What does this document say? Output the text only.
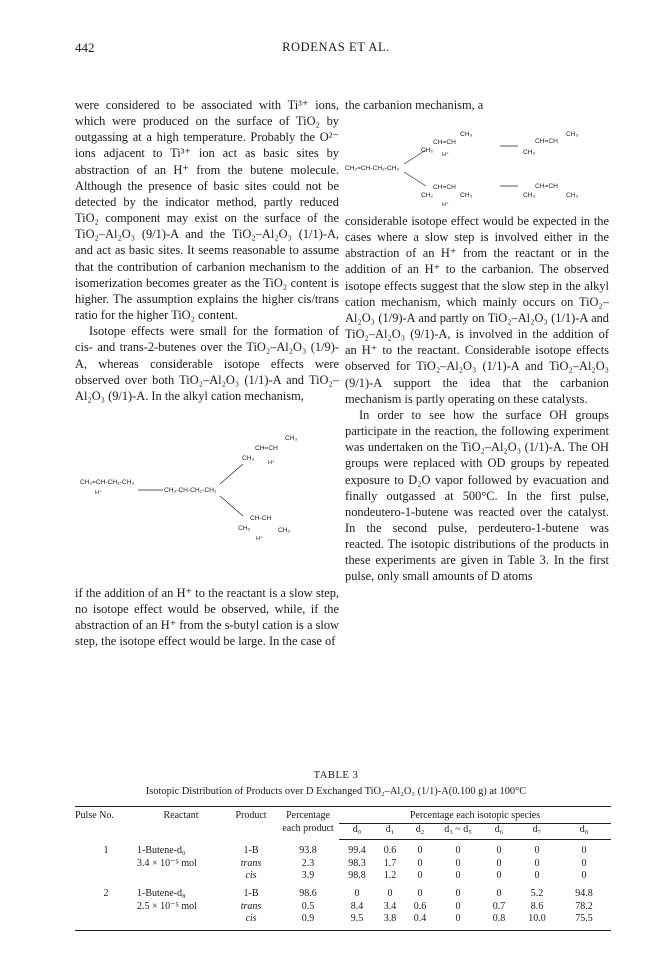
442	RODENAS ET AL.

were considered to be associated with Ti³⁺ ions, which were produced on the surface of TiO₂ by outgassing at a high temperature. Probably the O²⁻ ions adjacent to Ti³⁺ ion act as basic sites by abstraction of an H⁺ from the butene molecule. Although the presence of basic sites could not be detected by the indicator method, partly reduced TiO₂ component may exist on the surface of the TiO₂–Al₂O₃ (9/1)-A and the TiO₂–Al₂O₃ (1/1)-A, and act as basic sites. It seems reasonable to assume that the contribution of carbanion mechanism to the isomerization becomes greater as the TiO₂ content is higher. The assumption explains the higher cis/trans ratio for the higher TiO₂ content.

Isotope effects were small for the formation of cis- and trans-2-butenes over the TiO₂–Al₂O₃ (1/9)-A, whereas considerable isotope effects were observed over both TiO₂–Al₂O₃ (1/1)-A and TiO₂–Al₂O₃ (9/1)-A. In the alkyl cation mechanism,

CH₂=CH-CH₂-CH₃
H⁺	CH₃-C̣H-CH₂-CH₃
CH=CH
CH₃
CH₃
H⁺
CH-CH
CH₃	CH₃
H⁺

if the addition of an H⁺ to the reactant is a slow step, no isotope effect would be observed, while, if the abstraction of an H⁺ from the s-butyl cation is a slow step, the isotope effect would be large. In the case of

the carbanion mechanism, a

CH₂=CH-CH₂-CH₃
CH=CH
CH₂
CH₃
H⁺
CH=CH
CH₃
CH₃
CH=CH
CH₂	CH₃
H⁺
CH=CH
CH₃	CH₃

considerable isotope effect would be expected in the cases where a slow step is involved either in the abstraction of an H⁺ from the reactant or in the addition of an H⁺ to the carbanion. The observed isotope effects suggest that the slow step in the alkyl cation mechanism, which mainly occurs on TiO₂–Al₂O₃ (1/9)-A and partly on TiO₂–Al₂O₃ (1/1)-A and TiO₂–Al₂O₃ (9/1)-A, is involved in the addition of an H⁺ to the reactant. Considerable isotope effects observed for TiO₂–Al₂O₃ (1/1)-A and TiO₂–Al₂O₃ (9/1)-A support the idea that the carbanion mechanism is partly operating on these catalysts.

In order to see how the surface OH groups participate in the reaction, the following experiment was undertaken on the TiO₂–Al₂O₃ (1/1)-A. The OH groups were replaced with OD groups by repeated exposure to D₂O vapor followed by evacuation and finally outgassed at 500°C. In the first pulse, nondeutero-1-butene was reacted over the catalyst. In the second pulse, perdeutero-1-butene was reacted. The isotopic distributions of the products in these experiments are given in Table 3. In the first pulse, only small amounts of D atoms

TABLE 3
Isotopic Distribution of Products over D Exchanged TiO₂–Al₂O₃ (1/1)-A(0.100 g) at 100°C
Pulse No.	Reactant	Product	Percentage each product	Percentage each isotopic species						
				d₀	d₁	d₂	d₃ ~ d₅	d₆	d₇	d₈
1	1-Butene-d₀	1-B	93.8	99.4	0.6	0	0	0	0	0
	3.4 × 10⁻⁵ mol	trans	2.3	98.3	1.7	0	0	0	0	0
		cis	3.9	98.8	1.2	0	0	0	0	0
2	1-Butene-d₈	1-B	98.6	0	0	0	0	0	5.2	94.8
	2.5 × 10⁻⁵ mol	trans	0.5	8.4	3.4	0.6	0	0.7	8.6	78.2
		cis	0.9	9.5	3.8	0.4	0	0.8	10.0	75.5
